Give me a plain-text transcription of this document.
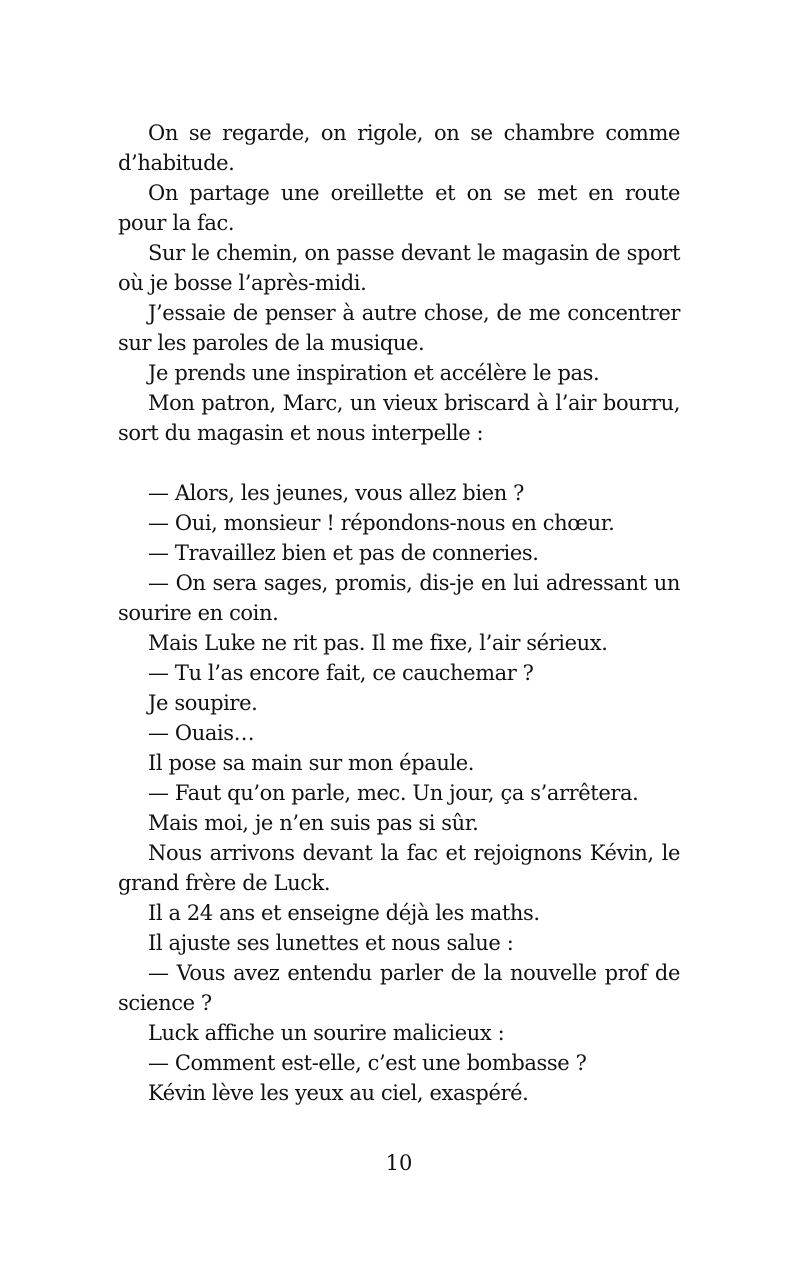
On se regarde, on rigole, on se chambre comme d’habitude.

On partage une oreillette et on se met en route pour la fac.

Sur le chemin, on passe devant le magasin de sport où je bosse l’après-midi.

J’essaie de penser à autre chose, de me concentrer sur les paroles de la musique.

Je prends une inspiration et accélère le pas.

Mon patron, Marc, un vieux briscard à l’air bourru, sort du magasin et nous interpelle :

— Alors, les jeunes, vous allez bien ?

— Oui, monsieur ! répondons-nous en chœur.

— Travaillez bien et pas de conneries.

— On sera sages, promis, dis-je en lui adressant un sourire en coin.

Mais Luke ne rit pas. Il me fixe, l’air sérieux.

— Tu l’as encore fait, ce cauchemar ?

Je soupire.

— Ouais…

Il pose sa main sur mon épaule.

— Faut qu’on parle, mec. Un jour, ça s’arrêtera.

Mais moi, je n’en suis pas si sûr.

Nous arrivons devant la fac et rejoignons Kévin, le grand frère de Luck.

Il a 24 ans et enseigne déjà les maths.

Il ajuste ses lunettes et nous salue :

— Vous avez entendu parler de la nouvelle prof de science ?

Luck affiche un sourire malicieux :

— Comment est-elle, c’est une bombasse ?

Kévin lève les yeux au ciel, exaspéré.

10
